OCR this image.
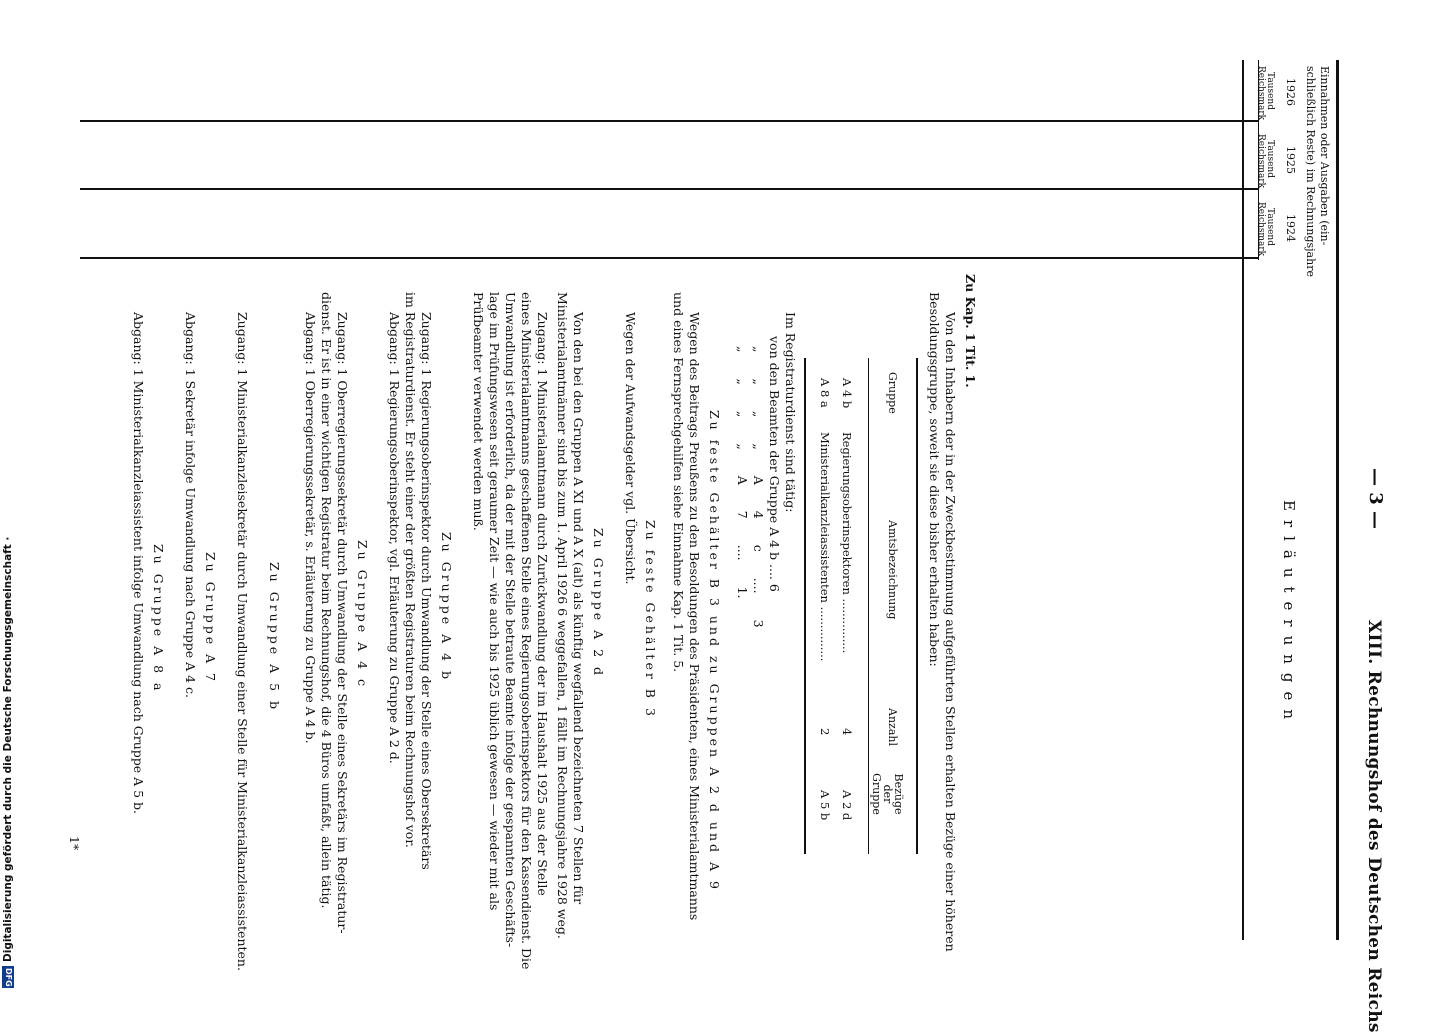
XIII. Rechnungshof des Deutschen Reichs
— 3 —
Einnahmen oder Ausgaben (ein-
schließlich Reste) im Rechnungsjahre
1926
1925
1924
Tausend Reichsmark
Tausend Reichsmark
Tausend Reichsmark
Erläuterungen
Zu Kap. 1 Tit. 1.
Von den Inhabern der in der Zweckbestimmung aufgeführten Stellen erhalten Bezüge einer höheren
Besoldungsgruppe, soweit sie diese bisher erhalten haben:
Gruppe
Amtsbezeichnung
Anzahl
Bezüge der Gruppe
A 4 b
Regierungsoberinspektoren ...............
4
A 2 d
A 8 a
Ministerialkanzleiassistenten ...............
2
A 5 b
Im Registraturdienst sind tätig:
von den Beamten der Gruppe A 4 b .... 6
„ „ „ „ A 4 c .... 3
„ „ „ „ A 7 .... 1.
Zu feste Gehälter B 3 und zu Gruppen A 2 d und A 9
Wegen des Beitrags Preußens zu den Besoldungen des Präsidenten, eines Ministerialamtmanns
und eines Fernsprechgehilfen siehe Einnahme Kap. 1 Tit. 5.
Zu feste Gehälter B 3
Wegen der Aufwandsgelder vgl. Übersicht.
Zu Gruppe A 2 d
Von den bei den Gruppen A XI und A X (alt) als künftig wegfallend bezeichneten 7 Stellen für
Ministerialamtmänner sind bis zum 1. April 1926 6 weggefallen, 1 fällt im Rechnungsjahre 1928 weg.
Zugang: 1 Ministerialamtmann durch Zurückwandlung der im Haushalt 1925 aus der Stelle
eines Ministerialamtmanns geschaffenen Stelle eines Regierungsoberinspektors für den Kassendienst. Die
Umwandlung ist erforderlich, da der mit der Stelle betraute Beamte infolge der gespannten Geschäfts-
lage im Prüfungswesen seit geraumer Zeit — wie auch bis 1925 üblich gewesen — wieder mit als
Prüfbeamter verwendet werden muß.
Zu Gruppe A 4 b
Zugang: 1 Regierungsoberinspektor durch Umwandlung der Stelle eines Obersekretärs
im Registraturdienst. Er steht einer der größten Registraturen beim Rechnungshof vor.
Abgang: 1 Regierungsoberinspektor, vgl. Erläuterung zu Gruppe A 2 d.
Zu Gruppe A 4 c
Zugang: 1 Oberregierungssekretär durch Umwandlung der Stelle eines Sekretärs im Registratur-
dienst. Er ist in einer wichtigen Registratur beim Rechnungshof, die 4 Büros umfaßt, allein tätig.
Abgang: 1 Oberregierungssekretär, s. Erläuterung zu Gruppe A 4 b.
Zu Gruppe A 5 b
Zugang: 1 Ministerialkanzleisekretär durch Umwandlung einer Stelle für Ministerialkanzleiassistenten.
Zu Gruppe A 7
Abgang: 1 Sekretär infolge Umwandlung nach Gruppe A 4 c.
Zu Gruppe A 8 a
Abgang: 1 Ministerialkanzleiassistent infolge Umwandlung nach Gruppe A 5 b.
1*
Digitalisierung gefördert durch die Deutsche Forschungsgemeinschaft ·
DFG
